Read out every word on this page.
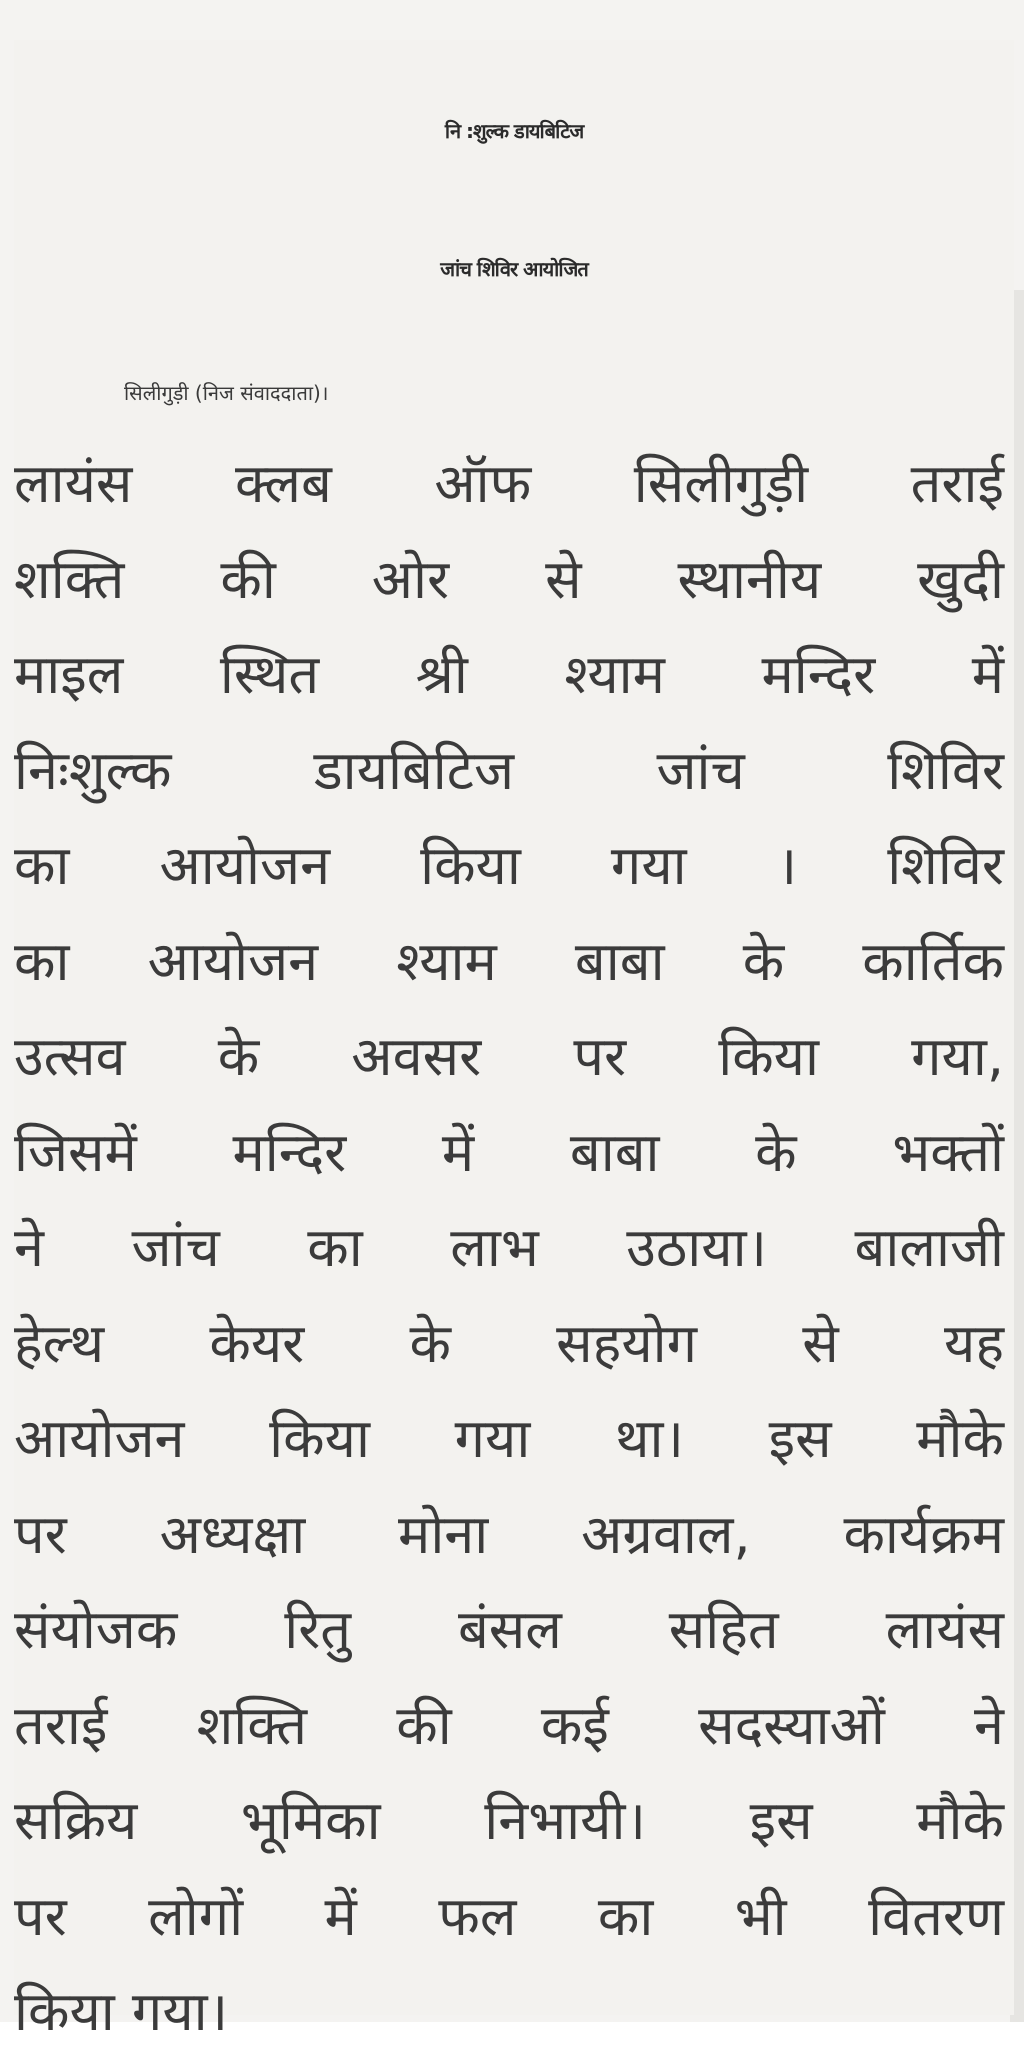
नि :शुल्क डायबिटिज
जांच शिविर आयोजित
सिलीगुड़ी (निज संवाददाता)।
लायंस क्लब ऑफ सिलीगुड़ी तराई
शक्ति की ओर से स्थानीय खुदी
माइल स्थित श्री श्याम मन्दिर में
निःशुल्क डायबिटिज जांच शिविर
का आयोजन किया गया । शिविर
का आयोजन श्याम बाबा के कार्तिक
उत्सव के अवसर पर किया गया,
जिसमें मन्दिर में बाबा के भक्तों
ने जांच का लाभ उठाया। बालाजी
हेल्थ केयर के सहयोग से यह
आयोजन किया गया था। इस मौके
पर अध्यक्षा मोना अग्रवाल, कार्यक्रम
संयोजक रितु बंसल सहित लायंस
तराई शक्ति की कई सदस्याओं ने
सक्रिय भूमिका निभायी। इस मौके
पर लोगों में फल का भी वितरण
किया गया।
